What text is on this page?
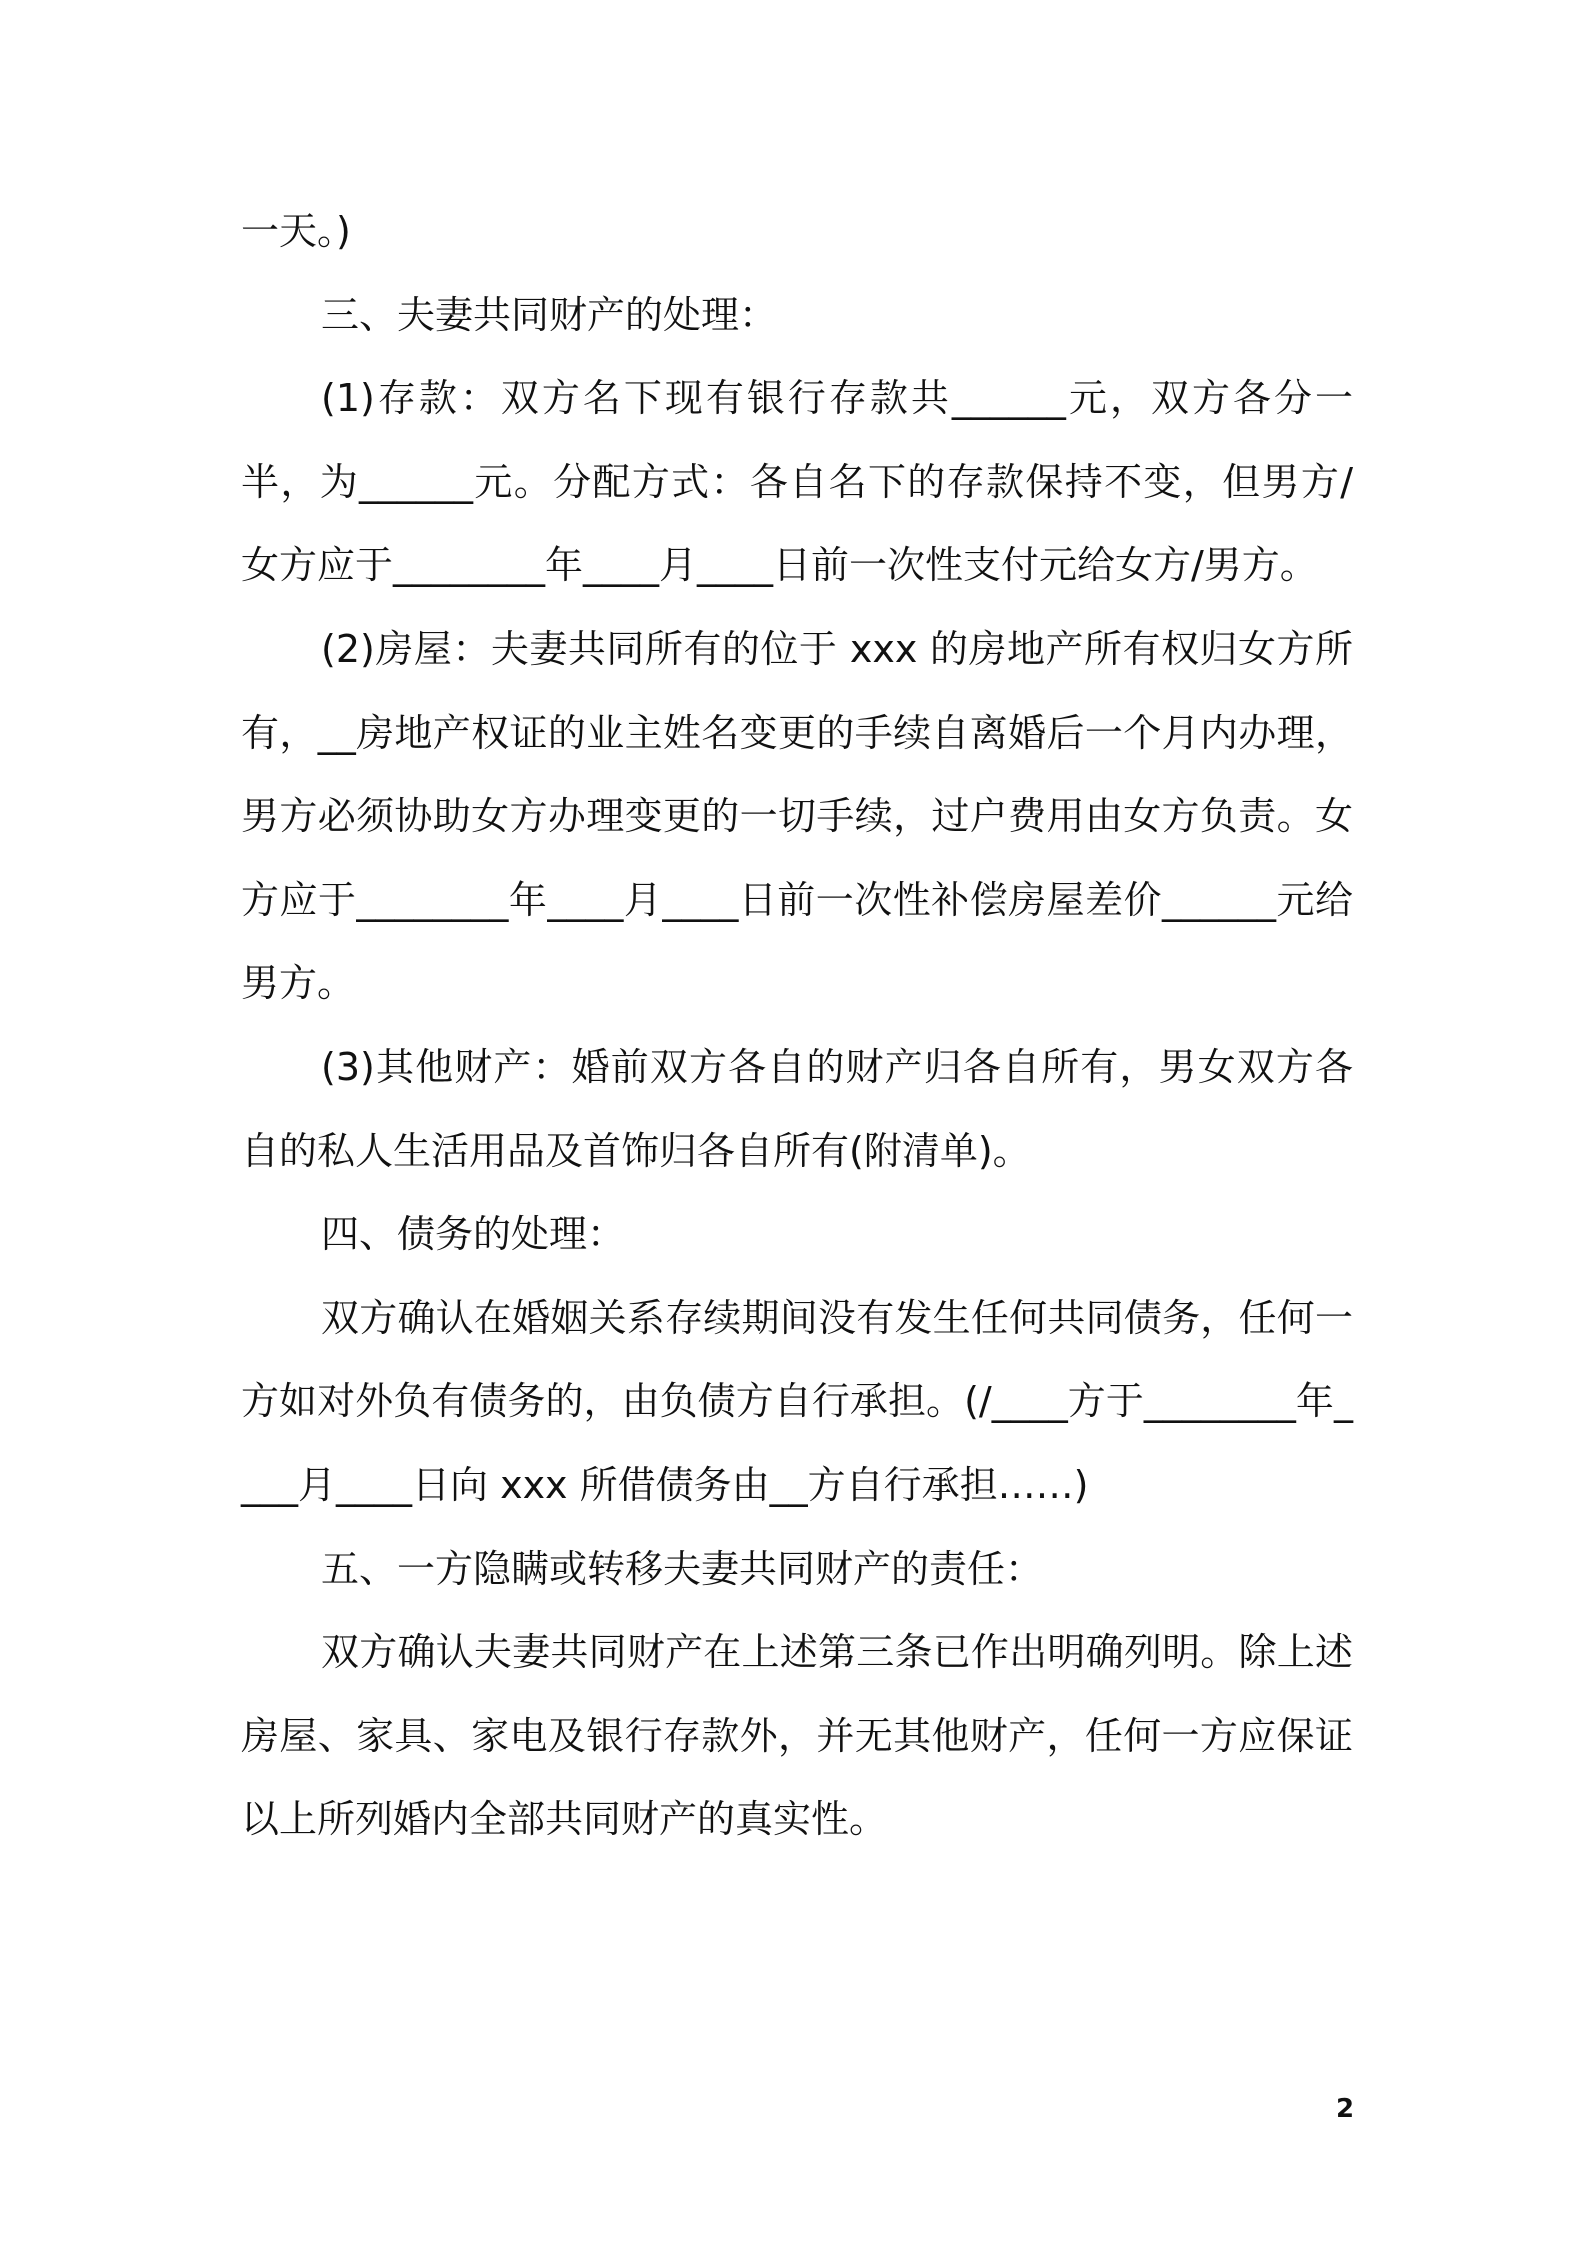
一天。)

三、夫妻共同财产的处理：

(1)存款：双方名下现有银行存款共______元，双方各分一半，为______元。分配方式：各自名下的存款保持不变，但男方/女方应于________年____月____日前一次性支付元给女方/男方。

(2)房屋：夫妻共同所有的位于 xxx 的房地产所有权归女方所有，__房地产权证的业主姓名变更的手续自离婚后一个月内办理，男方必须协助女方办理变更的一切手续，过户费用由女方负责。女方应于________年____月____日前一次性补偿房屋差价______元给男方。

(3)其他财产：婚前双方各自的财产归各自所有，男女双方各自的私人生活用品及首饰归各自所有(附清单)。

四、债务的处理：

双方确认在婚姻关系存续期间没有发生任何共同债务，任何一方如对外负有债务的，由负债方自行承担。(/____方于________年____月____日向 xxx 所借债务由__方自行承担……)

五、一方隐瞒或转移夫妻共同财产的责任：

双方确认夫妻共同财产在上述第三条已作出明确列明。除上述房屋、家具、家电及银行存款外，并无其他财产，任何一方应保证以上所列婚内全部共同财产的真实性。

2
